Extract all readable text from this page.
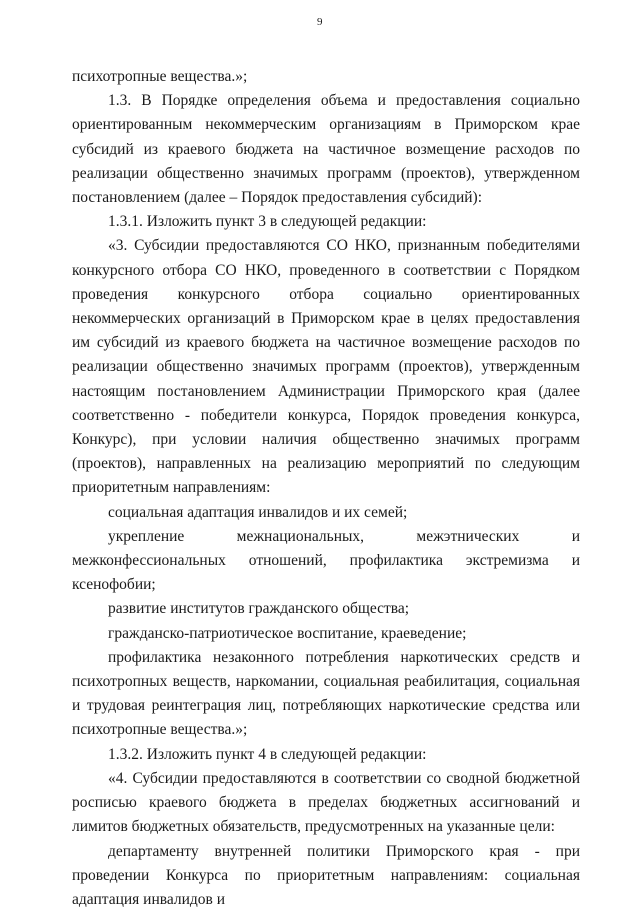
9

психотропные вещества.»;

1.3. В Порядке определения объема и предоставления социально ориентированным некоммерческим организациям в Приморском крае субсидий из краевого бюджета на частичное возмещение расходов по реализации общественно значимых программ (проектов), утвержденном постановлением (далее – Порядок предоставления субсидий):

1.3.1. Изложить пункт 3 в следующей редакции:

«3. Субсидии предоставляются СО НКО, признанным победителями конкурсного отбора СО НКО, проведенного в соответствии с Порядком проведения конкурсного отбора социально ориентированных некоммерческих организаций в Приморском крае в целях предоставления им субсидий из краевого бюджета на частичное возмещение расходов по реализации общественно значимых программ (проектов), утвержденным настоящим постановлением Администрации Приморского края (далее соответственно - победители конкурса, Порядок проведения конкурса, Конкурс), при условии наличия общественно значимых программ (проектов), направленных на реализацию мероприятий по следующим приоритетным направлениям:

социальная адаптация инвалидов и их семей;

укрепление межнациональных, межэтнических и межконфессиональных отношений, профилактика экстремизма и ксенофобии;

развитие институтов гражданского общества;

гражданско-патриотическое воспитание, краеведение;

профилактика незаконного потребления наркотических средств и психотропных веществ, наркомании, социальная реабилитация, социальная и трудовая реинтеграция лиц, потребляющих наркотические средства или психотропные вещества.»;

1.3.2. Изложить пункт 4 в следующей редакции:

«4. Субсидии предоставляются в соответствии со сводной бюджетной росписью краевого бюджета в пределах бюджетных ассигнований и лимитов бюджетных обязательств, предусмотренных на указанные цели:

департаменту внутренней политики Приморского края - при проведении Конкурса по приоритетным направлениям: социальная адаптация инвалидов и
